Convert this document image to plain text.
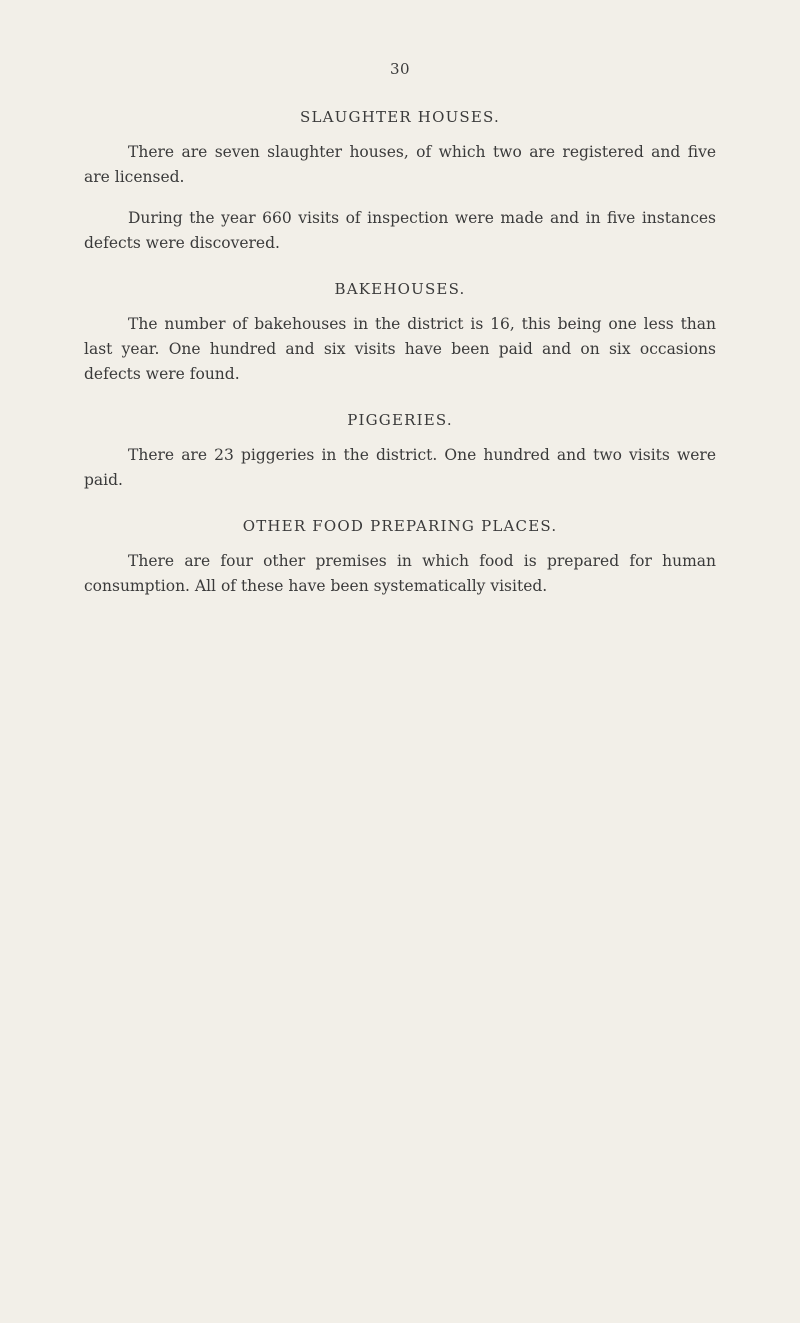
30
SLAUGHTER HOUSES.

There are seven slaughter houses, of which two are registered and five are licensed.

During the year 660 visits of inspection were made and in five instances defects were discovered.

BAKEHOUSES.

The number of bakehouses in the district is 16, this being one less than last year. One hundred and six visits have been paid and on six occasions defects were found.

PIGGERIES.

There are 23 piggeries in the district. One hundred and two visits were paid.

OTHER FOOD PREPARING PLACES.

There are four other premises in which food is prepared for human consumption. All of these have been systematically visited.
